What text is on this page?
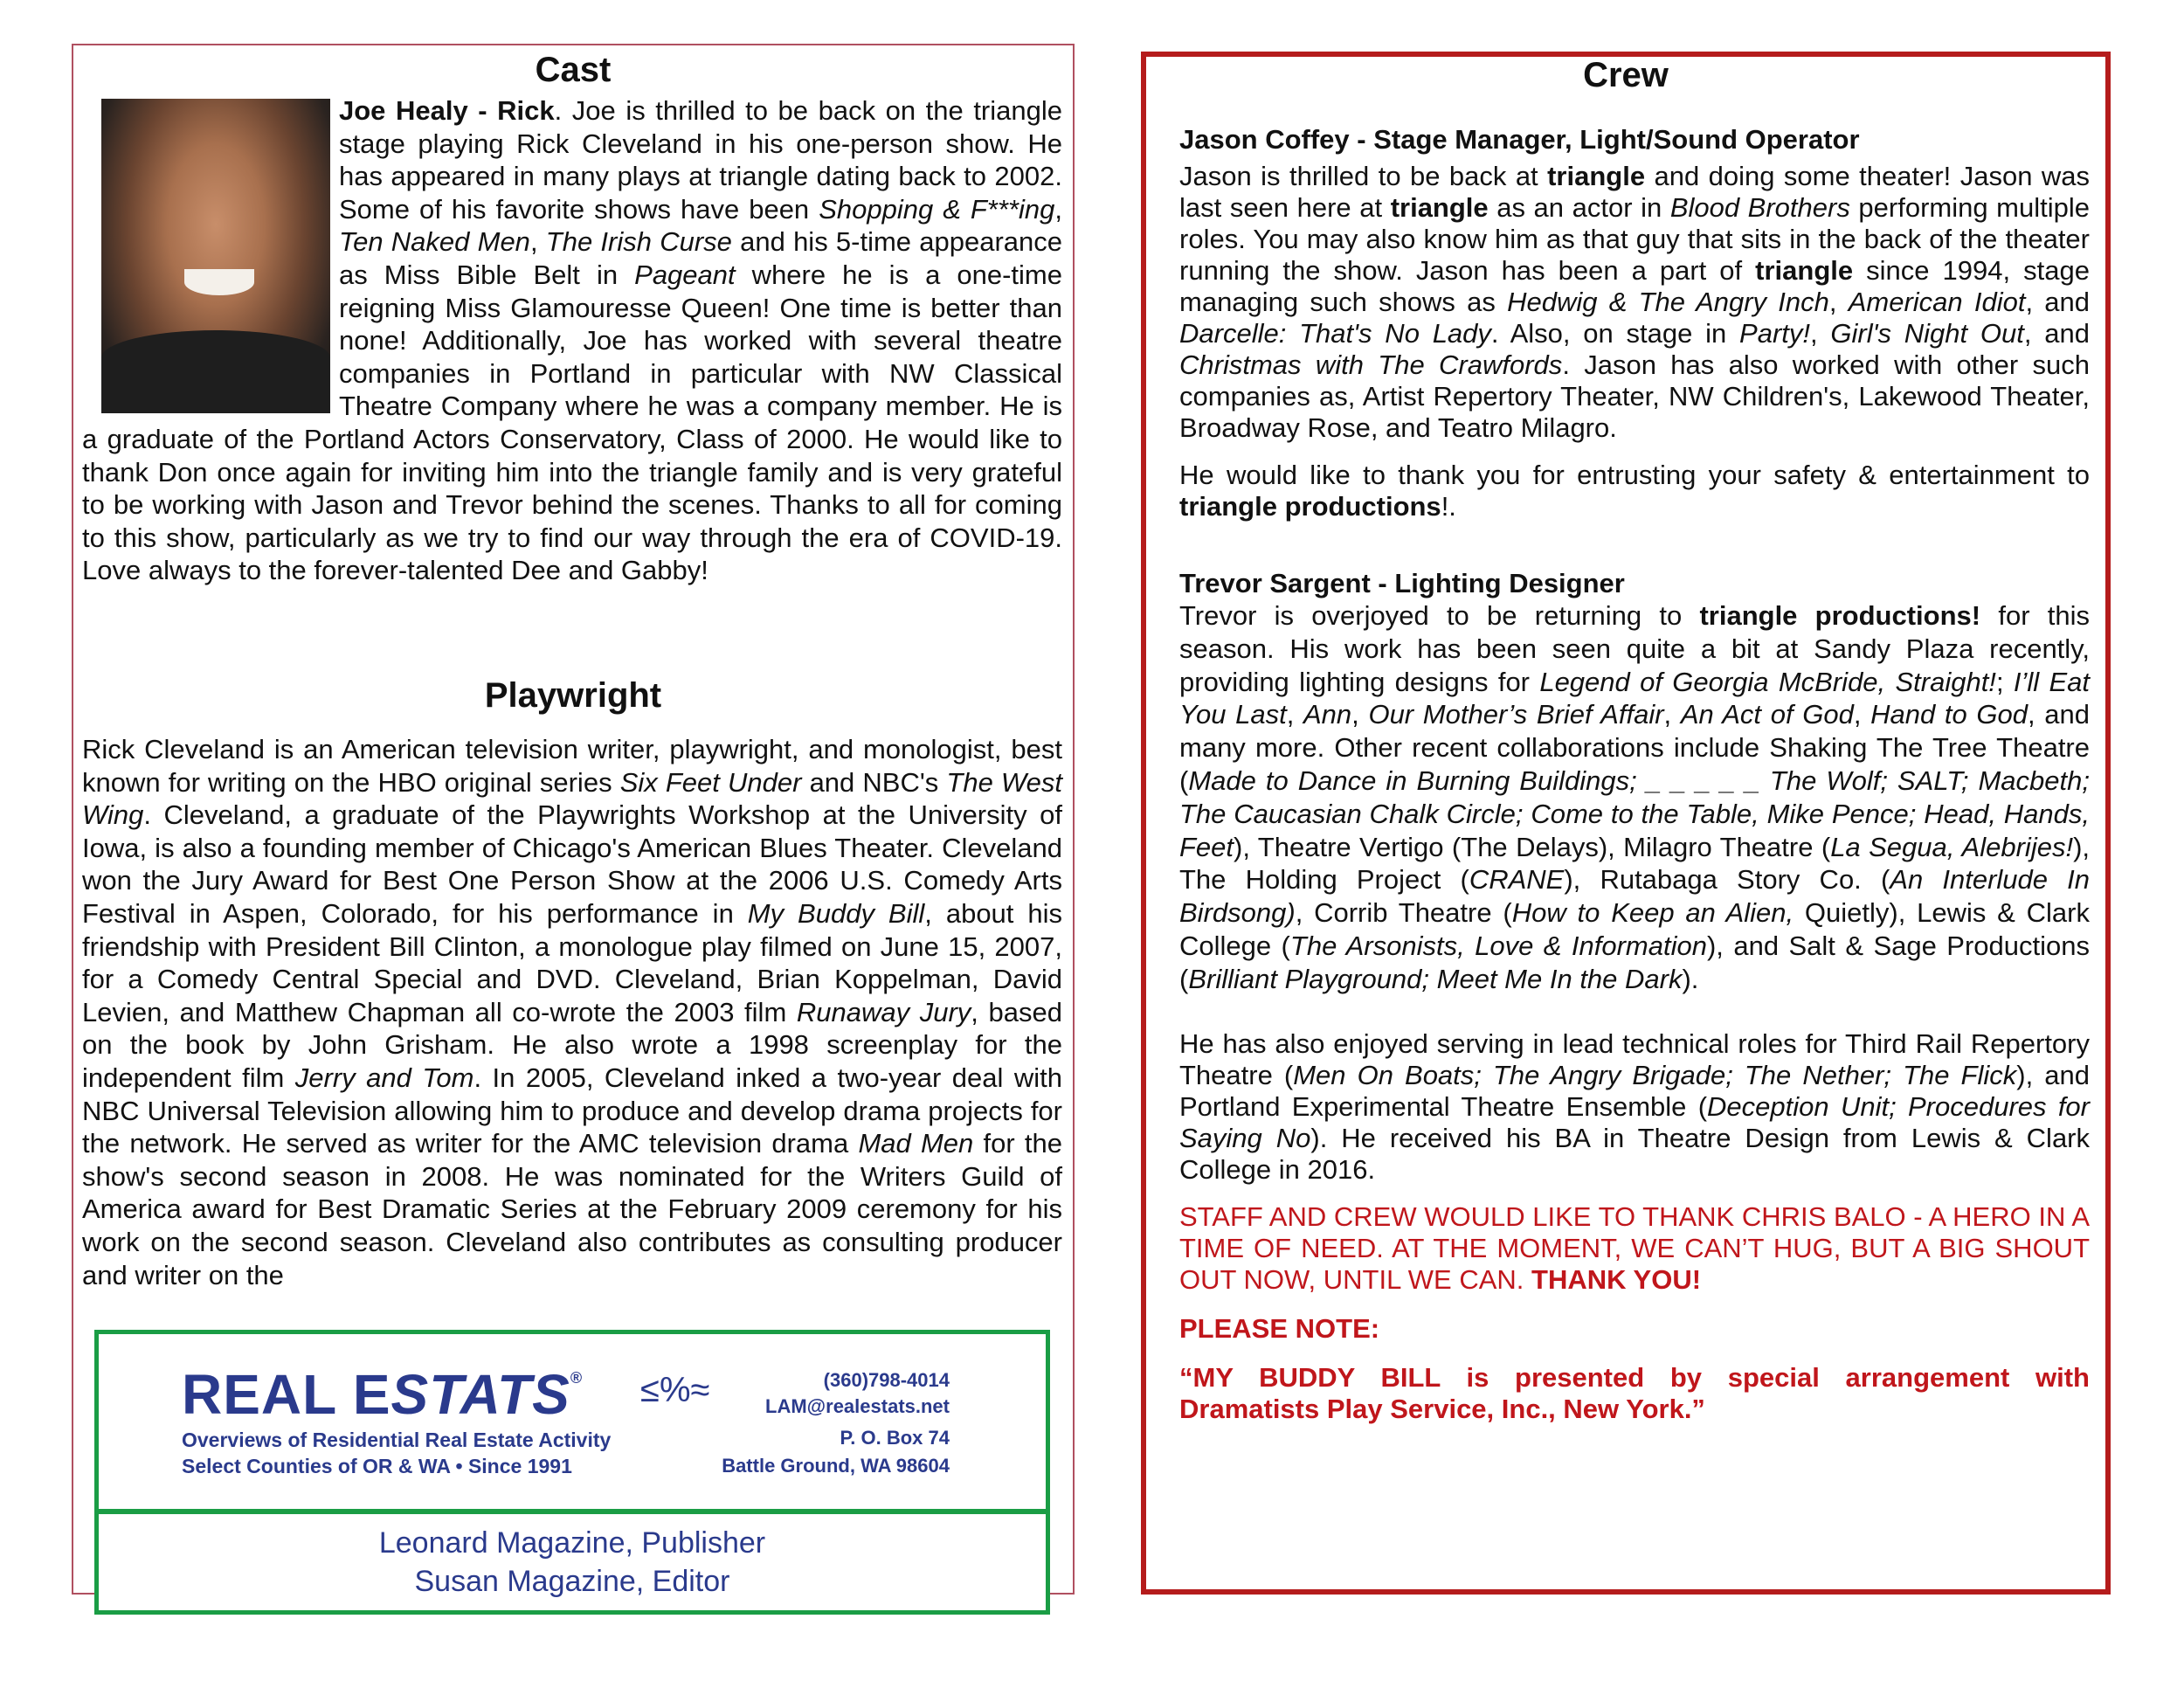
Cast

Joe Healy - Rick. Joe is thrilled to be back on the triangle stage playing Rick Cleveland in his one-person show. He has appeared in many plays at triangle dating back to 2002. Some of his favorite shows have been Shopping & F***ing, Ten Naked Men, The Irish Curse and his 5-time appearance as Miss Bible Belt in Pageant where he is a one-time reigning Miss Glamouresse Queen! One time is better than none! Additionally, Joe has worked with several theatre companies in Portland in particular with NW Classical Theatre Company where he was a company member. He is a graduate of the Portland Actors Conservatory, Class of 2000. He would like to thank Don once again for inviting him into the triangle family and is very grateful to be working with Jason and Trevor behind the scenes. Thanks to all for coming to this show, particularly as we try to find our way through the era of COVID-19. Love always to the forever-talented Dee and Gabby!

Playwright

Rick Cleveland is an American television writer, playwright, and monologist, best known for writing on the HBO original series Six Feet Under and NBC's The West Wing. Cleveland, a graduate of the Playwrights Workshop at the University of Iowa, is also a founding member of Chicago's American Blues Theater. Cleveland won the Jury Award for Best One Person Show at the 2006 U.S. Comedy Arts Festival in Aspen, Colorado, for his performance in My Buddy Bill, about his friendship with President Bill Clinton, a monologue play filmed on June 15, 2007, for a Comedy Central Special and DVD. Cleveland, Brian Koppelman, David Levien, and Matthew Chapman all co-wrote the 2003 film Runaway Jury, based on the book by John Grisham. He also wrote a 1998 screenplay for the independent film Jerry and Tom. In 2005, Cleveland inked a two-year deal with NBC Universal Television allowing him to produce and develop drama projects for the network. He served as writer for the AMC television drama Mad Men for the show's second season in 2008. He was nominated for the Writers Guild of America award for Best Dramatic Series at the February 2009 ceremony for his work on the second season. Cleveland also contributes as consulting producer and writer on the

REAL ESTATS® ≤%≈
Overviews of Residential Real Estate Activity
Select Counties of OR & WA • Since 1991
(360)798-4014
LAM@realestats.net
P. O. Box 74
Battle Ground, WA 98604
Leonard Magazine, Publisher
Susan Magazine, Editor
Crew

Jason Coffey - Stage Manager, Light/Sound Operator

Jason is thrilled to be back at triangle and doing some theater! Jason was last seen here at triangle as an actor in Blood Brothers performing multiple roles. You may also know him as that guy that sits in the back of the theater running the show. Jason has been a part of triangle since 1994, stage managing such shows as Hedwig & The Angry Inch, American Idiot, and Darcelle: That's No Lady. Also, on stage in Party!, Girl's Night Out, and Christmas with The Crawfords. Jason has also worked with other such companies as, Artist Repertory Theater, NW Children's, Lakewood Theater, Broadway Rose, and Teatro Milagro.

He would like to thank you for entrusting your safety & entertainment to triangle productions!.

Trevor Sargent - Lighting Designer

Trevor is overjoyed to be returning to triangle productions! for this season. His work has been seen quite a bit at Sandy Plaza recently, providing lighting designs for Legend of Georgia McBride, Straight!; I’ll Eat You Last, Ann, Our Mother’s Brief Affair, An Act of God, Hand to God, and many more. Other recent collaborations include Shaking The Tree Theatre (Made to Dance in Burning Buildings; _ _ _ _ _ The Wolf; SALT; Macbeth; The Caucasian Chalk Circle; Come to the Table, Mike Pence; Head, Hands, Feet), Theatre Vertigo (The Delays), Milagro Theatre (La Segua, Alebrijes!), The Holding Project (CRANE), Rutabaga Story Co. (An Interlude In Birdsong), Corrib Theatre (How to Keep an Alien, Quietly), Lewis & Clark College (The Arsonists, Love & Information), and Salt & Sage Productions (Brilliant Playground; Meet Me In the Dark).

He has also enjoyed serving in lead technical roles for Third Rail Repertory Theatre (Men On Boats; The Angry Brigade; The Nether; The Flick), and Portland Experimental Theatre Ensemble (Deception Unit; Procedures for Saying No). He received his BA in Theatre Design from Lewis & Clark College in 2016.

STAFF AND CREW WOULD LIKE TO THANK CHRIS BALO - A HERO IN A TIME OF NEED. AT THE MOMENT, WE CAN’T HUG, BUT A BIG SHOUT OUT NOW, UNTIL WE CAN. THANK YOU!

PLEASE NOTE:

“MY BUDDY BILL is presented by special arrangement with Dramatists Play Service, Inc., New York.”
